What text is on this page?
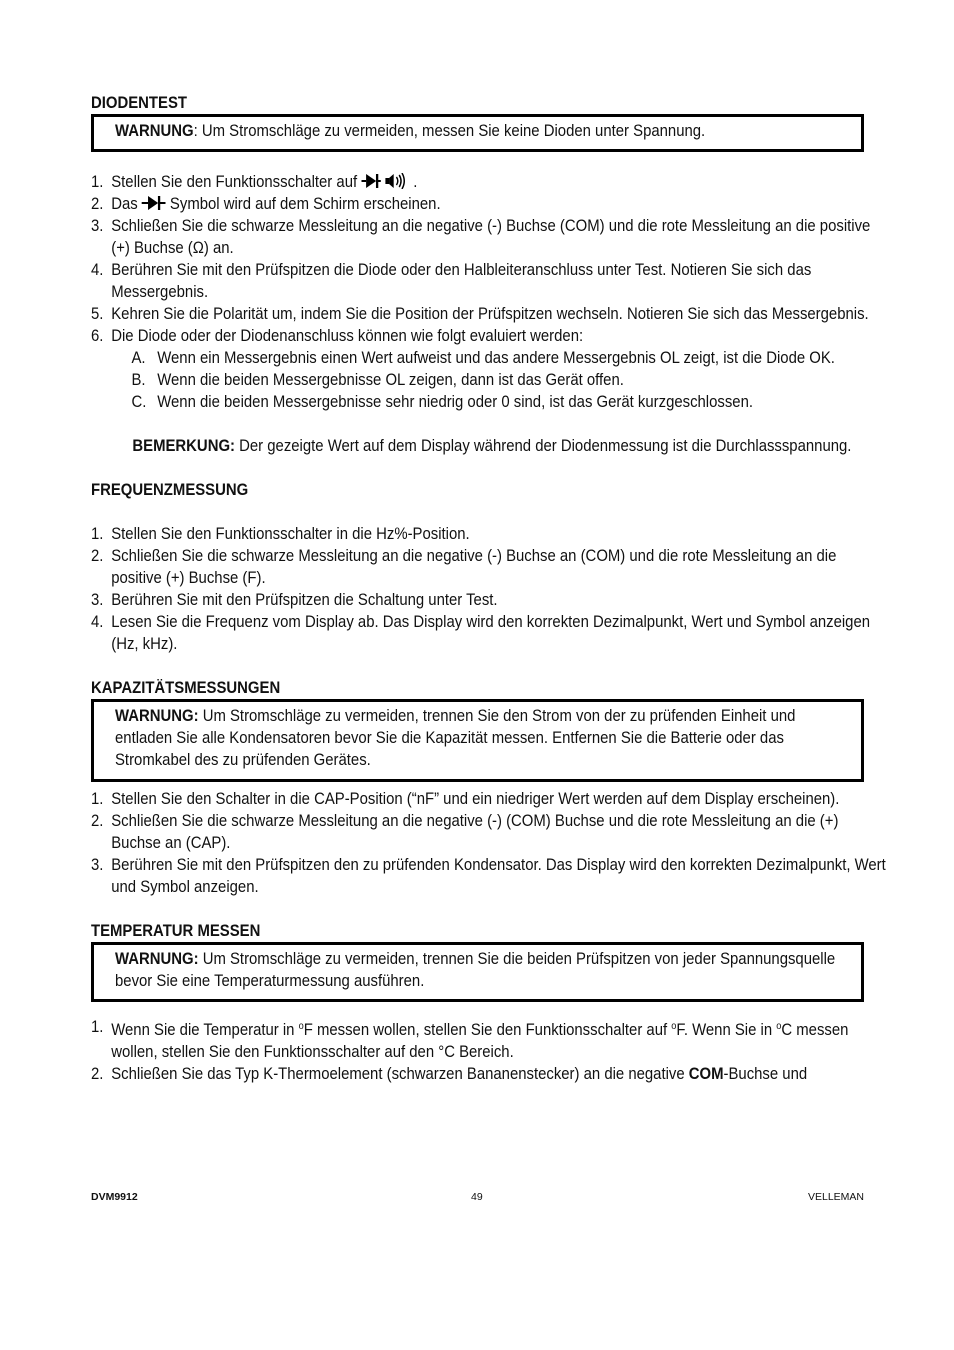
DIODENTEST
WARNUNG: Um Stromschläge zu vermeiden, messen Sie keine Dioden unter Spannung.
1. Stellen Sie den Funktionsschalter auf	.
2. Das Symbol wird auf dem Schirm erscheinen.
3. Schließen Sie die schwarze Messleitung an die negative (-) Buchse (COM) und die rote Messleitung an die positive (+) Buchse (Ω) an.
4. Berühren Sie mit den Prüfspitzen die Diode oder den Halbleiteranschluss unter Test. Notieren Sie sich das Messergebnis.
5. Kehren Sie die Polarität um, indem Sie die Position der Prüfspitzen wechseln. Notieren Sie sich das Messergebnis.
6. Die Diode oder der Diodenanschluss können wie folgt evaluiert werden:
A. Wenn ein Messergebnis einen Wert aufweist und das andere Messergebnis OL zeigt, ist die Diode OK.
B. Wenn die beiden Messergebnisse OL zeigen, dann ist das Gerät offen.
C. Wenn die beiden Messergebnisse sehr niedrig oder 0 sind, ist das Gerät kurzgeschlossen.
BEMERKUNG: Der gezeigte Wert auf dem Display während der Diodenmessung ist die Durchlassspannung.
FREQUENZMESSUNG
1. Stellen Sie den Funktionsschalter in die Hz%-Position.
2. Schließen Sie die schwarze Messleitung an die negative (-) Buchse an (COM) und die rote Messleitung an die positive (+) Buchse (F).
3. Berühren Sie mit den Prüfspitzen die Schaltung unter Test.
4. Lesen Sie die Frequenz vom Display ab. Das Display wird den korrekten Dezimalpunkt, Wert und Symbol anzeigen (Hz, kHz).
KAPAZITÄTSMESSUNGEN
WARNUNG: Um Stromschläge zu vermeiden, trennen Sie den Strom von der zu prüfenden Einheit und entladen Sie alle Kondensatoren bevor Sie die Kapazität messen. Entfernen Sie die Batterie oder das Stromkabel des zu prüfenden Gerätes.
1. Stellen Sie den Schalter in die CAP-Position (“nF” und ein niedriger Wert werden auf dem Display erscheinen).
2. Schließen Sie die schwarze Messleitung an die negative (-) (COM) Buchse und die rote Messleitung an die (+) Buchse an (CAP).
3. Berühren Sie mit den Prüfspitzen den zu prüfenden Kondensator. Das Display wird den korrekten Dezimalpunkt, Wert und Symbol anzeigen.
TEMPERATUR MESSEN
WARNUNG: Um Stromschläge zu vermeiden, trennen Sie die beiden Prüfspitzen von jeder Spannungsquelle bevor Sie eine Temperaturmessung ausführen.
1. Wenn Sie die Temperatur in $^o$F messen wollen, stellen Sie den Funktionsschalter auf $^o$F. Wenn Sie in $^o$C messen wollen, stellen Sie den Funktionsschalter auf den °C Bereich.
2. Schließen Sie das Typ K-Thermoelement (schwarzen Bananenstecker) an die negative COM-Buchse und
DVM9912	49	VELLEMAN
